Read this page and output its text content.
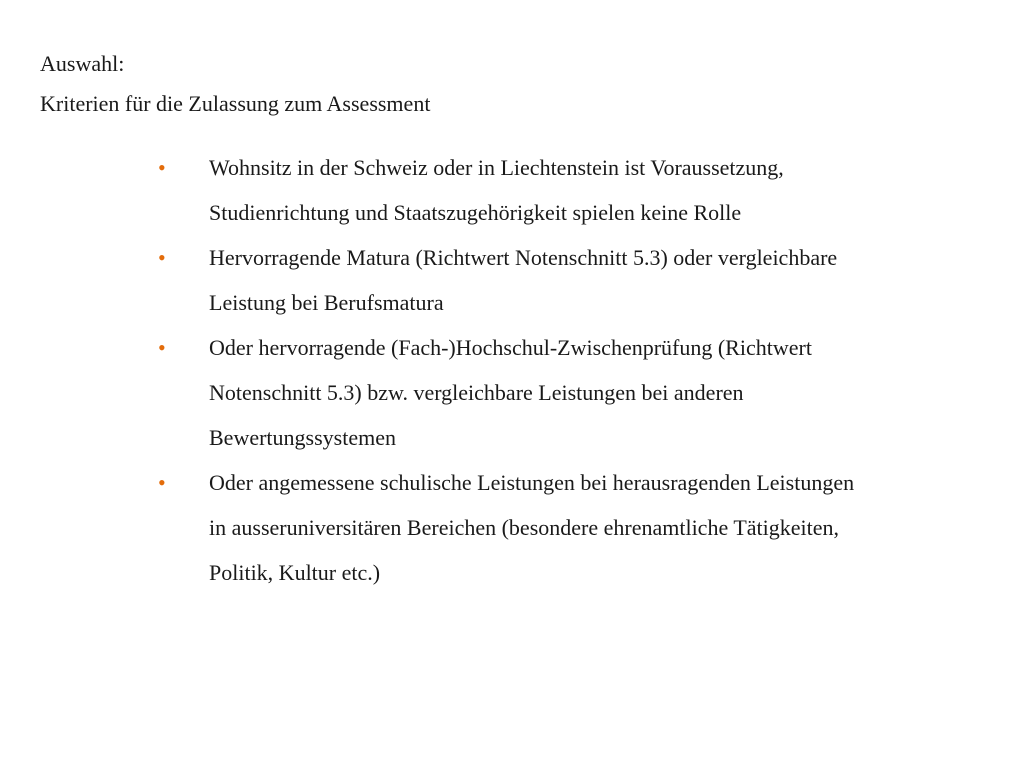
Auswahl:
Kriterien für die Zulassung zum Assessment
• Wohnsitz in der Schweiz oder in Liechtenstein ist Voraussetzung,
Studienrichtung und Staatszugehörigkeit spielen keine Rolle
• Hervorragende Matura (Richtwert Notenschnitt 5.3) oder vergleichbare
Leistung bei Berufsmatura
• Oder hervorragende (Fach-)Hochschul-Zwischenprüfung (Richtwert
Notenschnitt 5.3) bzw. vergleichbare Leistungen bei anderen
Bewertungssystemen
• Oder angemessene schulische Leistungen bei herausragenden Leistungen
in ausseruniversitären Bereichen (besondere ehrenamtliche Tätigkeiten,
Politik, Kultur etc.)
